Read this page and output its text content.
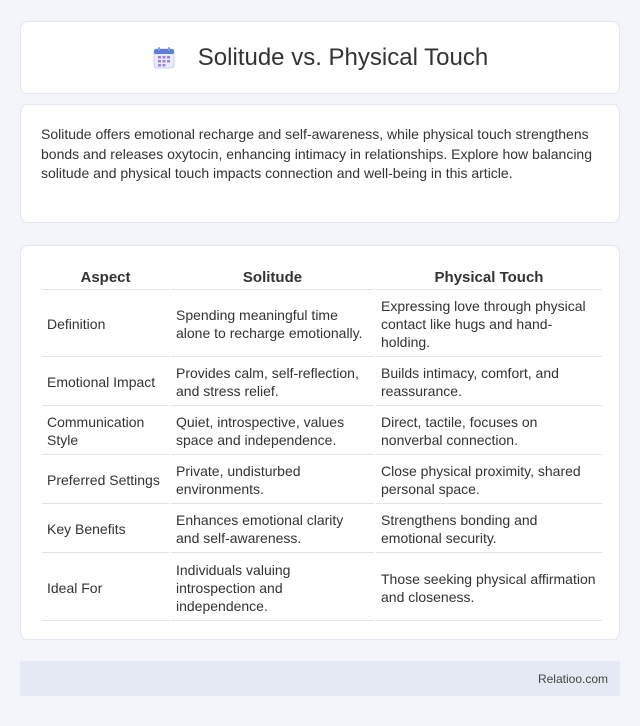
Solitude vs. Physical Touch

Solitude offers emotional recharge and self-awareness, while physical touch strengthens bonds and releases oxytocin, enhancing intimacy in relationships. Explore how balancing solitude and physical touch impacts connection and well-being in this article.

Aspect	Solitude	Physical Touch
Definition	Spending meaningful time alone to recharge emotionally.	Expressing love through physical contact like hugs and hand-holding.
Emotional Impact	Provides calm, self-reflection, and stress relief.	Builds intimacy, comfort, and reassurance.
Communication Style	Quiet, introspective, values space and independence.	Direct, tactile, focuses on nonverbal connection.
Preferred Settings	Private, undisturbed environments.	Close physical proximity, shared personal space.
Key Benefits	Enhances emotional clarity and self-awareness.	Strengthens bonding and emotional security.
Ideal For	Individuals valuing introspection and independence.	Those seeking physical affirmation and closeness.
Relatioo.com
